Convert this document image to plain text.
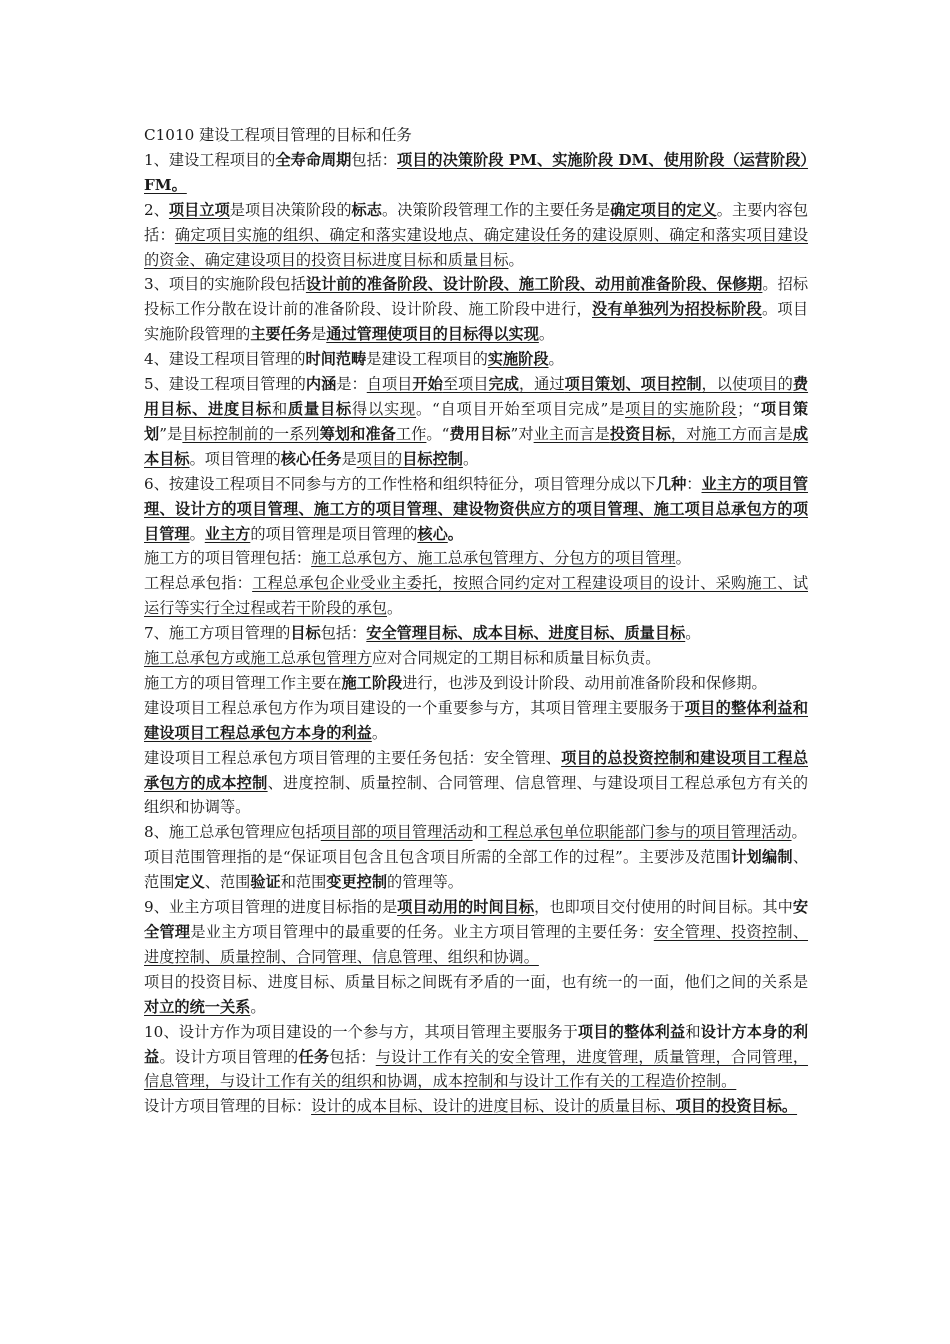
C1010 建设工程项目管理的目标和任务

1、建设工程项目的全寿命周期包括：项目的决策阶段 PM、实施阶段 DM、使用阶段（运营阶段）FM。

2、项目立项是项目决策阶段的标志。决策阶段管理工作的主要任务是确定项目的定义。主要内容包括：确定项目实施的组织、确定和落实建设地点、确定建设任务的建设原则、确定和落实项目建设的资金、确定建设项目的投资目标进度目标和质量目标。

3、项目的实施阶段包括设计前的准备阶段、设计阶段、施工阶段、动用前准备阶段、保修期。招标投标工作分散在设计前的准备阶段、设计阶段、施工阶段中进行，没有单独列为招投标阶段。项目实施阶段管理的主要任务是通过管理使项目的目标得以实现。

4、建设工程项目管理的时间范畴是建设工程项目的实施阶段。

5、建设工程项目管理的内涵是：自项目开始至项目完成，通过项目策划、项目控制，以使项目的费用目标、进度目标和质量目标得以实现。“自项目开始至项目完成”是项目的实施阶段；“项目策划”是目标控制前的一系列筹划和准备工作。“费用目标”对业主而言是投资目标，对施工方而言是成本目标。项目管理的核心任务是项目的目标控制。

6、按建设工程项目不同参与方的工作性格和组织特征分，项目管理分成以下几种：业主方的项目管理、设计方的项目管理、施工方的项目管理、建设物资供应方的项目管理、施工项目总承包方的项目管理。业主方的项目管理是项目管理的核心。

施工方的项目管理包括：施工总承包方、施工总承包管理方、分包方的项目管理。

工程总承包指：工程总承包企业受业主委托，按照合同约定对工程建设项目的设计、采购施工、试运行等实行全过程或若干阶段的承包。

7、施工方项目管理的目标包括：安全管理目标、成本目标、进度目标、质量目标。

施工总承包方或施工总承包管理方应对合同规定的工期目标和质量目标负责。

施工方的项目管理工作主要在施工阶段进行，也涉及到设计阶段、动用前准备阶段和保修期。

建设项目工程总承包方作为项目建设的一个重要参与方，其项目管理主要服务于项目的整体利益和建设项目工程总承包方本身的利益。

建设项目工程总承包方项目管理的主要任务包括：安全管理、项目的总投资控制和建设项目工程总承包方的成本控制、进度控制、质量控制、合同管理、信息管理、与建设项目工程总承包方有关的组织和协调等。

8、施工总承包管理应包括项目部的项目管理活动和工程总承包单位职能部门参与的项目管理活动。

项目范围管理指的是“保证项目包含且包含项目所需的全部工作的过程”。主要涉及范围计划编制、范围定义、范围验证和范围变更控制的管理等。

9、业主方项目管理的进度目标指的是项目动用的时间目标，也即项目交付使用的时间目标。其中安全管理是业主方项目管理中的最重要的任务。业主方项目管理的主要任务：安全管理、投资控制、进度控制、质量控制、合同管理、信息管理、组织和协调。

项目的投资目标、进度目标、质量目标之间既有矛盾的一面，也有统一的一面，他们之间的关系是对立的统一关系。

10、设计方作为项目建设的一个参与方，其项目管理主要服务于项目的整体利益和设计方本身的利益。设计方项目管理的任务包括：与设计工作有关的安全管理，进度管理，质量管理，合同管理，信息管理，与设计工作有关的组织和协调，成本控制和与设计工作有关的工程造价控制。

设计方项目管理的目标：设计的成本目标、设计的进度目标、设计的质量目标、项目的投资目标。
